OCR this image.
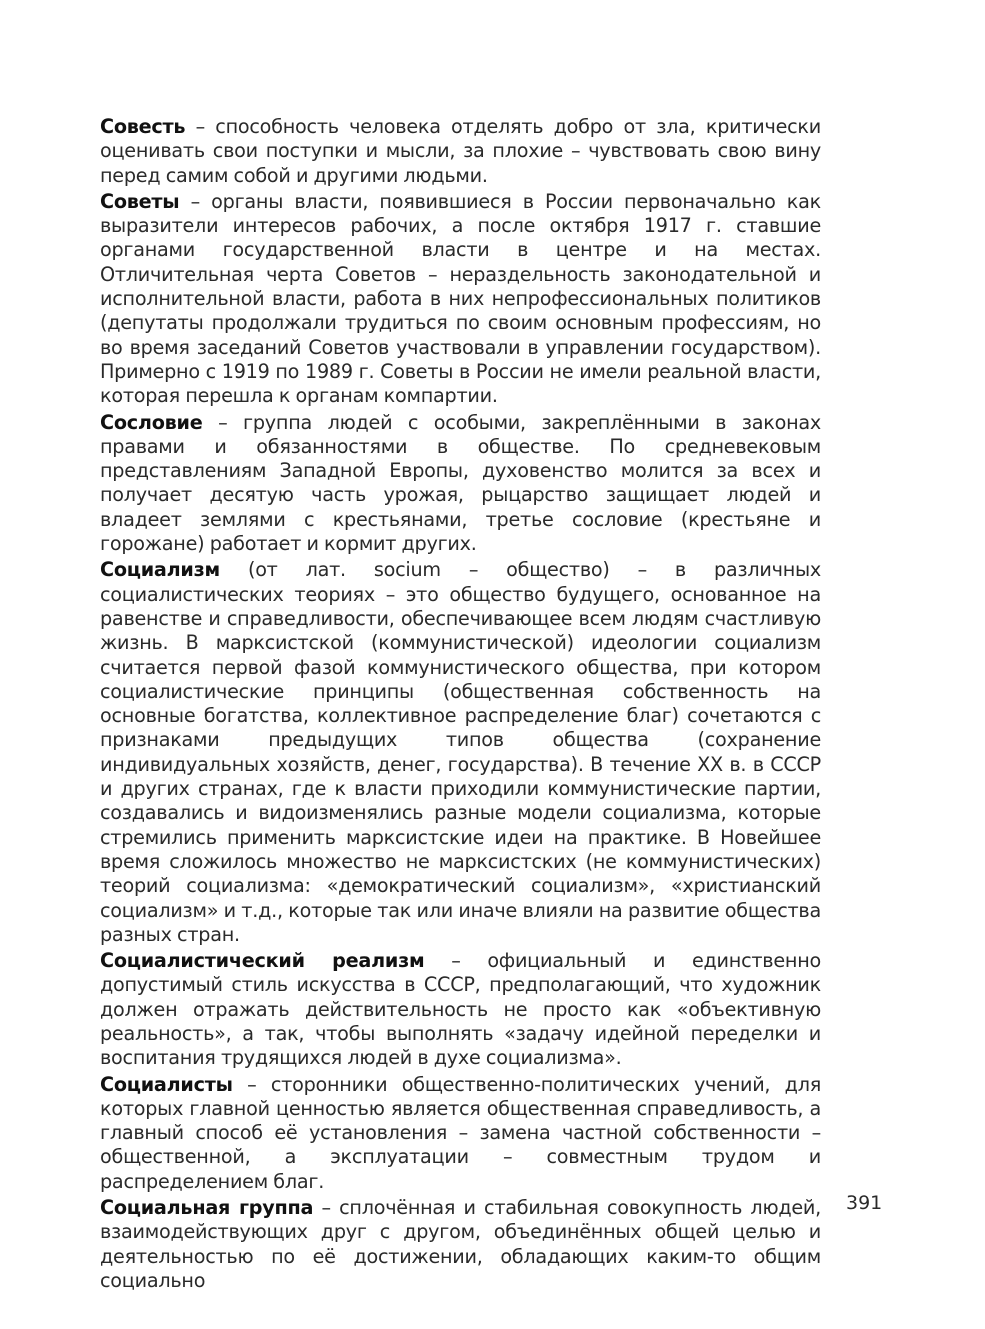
Совесть – способность человека отделять добро от зла, критически оценивать свои поступки и мысли, за плохие – чувствовать свою вину перед самим собой и другими людьми.

Советы – органы власти, появившиеся в России первоначально как выразители интересов рабочих, а после октября 1917 г. ставшие органами государственной власти в центре и на местах. Отличительная черта Советов – нераздельность законодательной и исполнительной власти, работа в них непрофессиональных политиков (депутаты продолжали трудиться по своим основным профессиям, но во время заседаний Советов участвовали в управлении государством). Примерно с 1919 по 1989 г. Советы в России не имели реальной власти, которая перешла к органам компартии.

Сословие – группа людей с особыми, закреплёнными в законах правами и обязанностями в обществе. По средневековым представлениям Западной Европы, духовенство молится за всех и получает десятую часть урожая, рыцарство защищает людей и владеет землями с крестьянами, третье сословие (крестьяне и горожане) работает и кормит других.

Социализм (от лат. socium – общество) – в различных социалистических теориях – это общество будущего, основанное на равенстве и справедливости, обеспечивающее всем людям счастливую жизнь. В марксистской (коммунистической) идеологии социализм считается первой фазой коммунистического общества, при котором социалистические принципы (общественная собственность на основные богатства, коллективное распределение благ) сочетаются с признаками предыдущих типов общества (сохранение индивидуальных хозяйств, денег, государства). В течение XX в. в СССР и других странах, где к власти приходили коммунистические партии, создавались и видоизменялись разные модели социализма, которые стремились применить марксистские идеи на практике. В Новейшее время сложилось множество не марксистских (не коммунистических) теорий социализма: «демократический социализм», «христианский социализм» и т.д., которые так или иначе влияли на развитие общества разных стран.

Социалистический реализм – официальный и единственно допустимый стиль искусства в СССР, предполагающий, что художник должен отражать действительность не просто как «объективную реальность», а так, чтобы выполнять «задачу идейной переделки и воспитания трудящихся людей в духе социализма».

Социалисты – сторонники общественно-политических учений, для которых главной ценностью является общественная справедливость, а главный способ её установления – замена частной собственности – общественной, а эксплуатации – совместным трудом и распределением благ.

Социальная группа – сплочённая и стабильная совокупность людей, взаимодействующих друг с другом, объединённых общей целью и деятельностью по её достижении, обладающих каким-то общим социально

391
